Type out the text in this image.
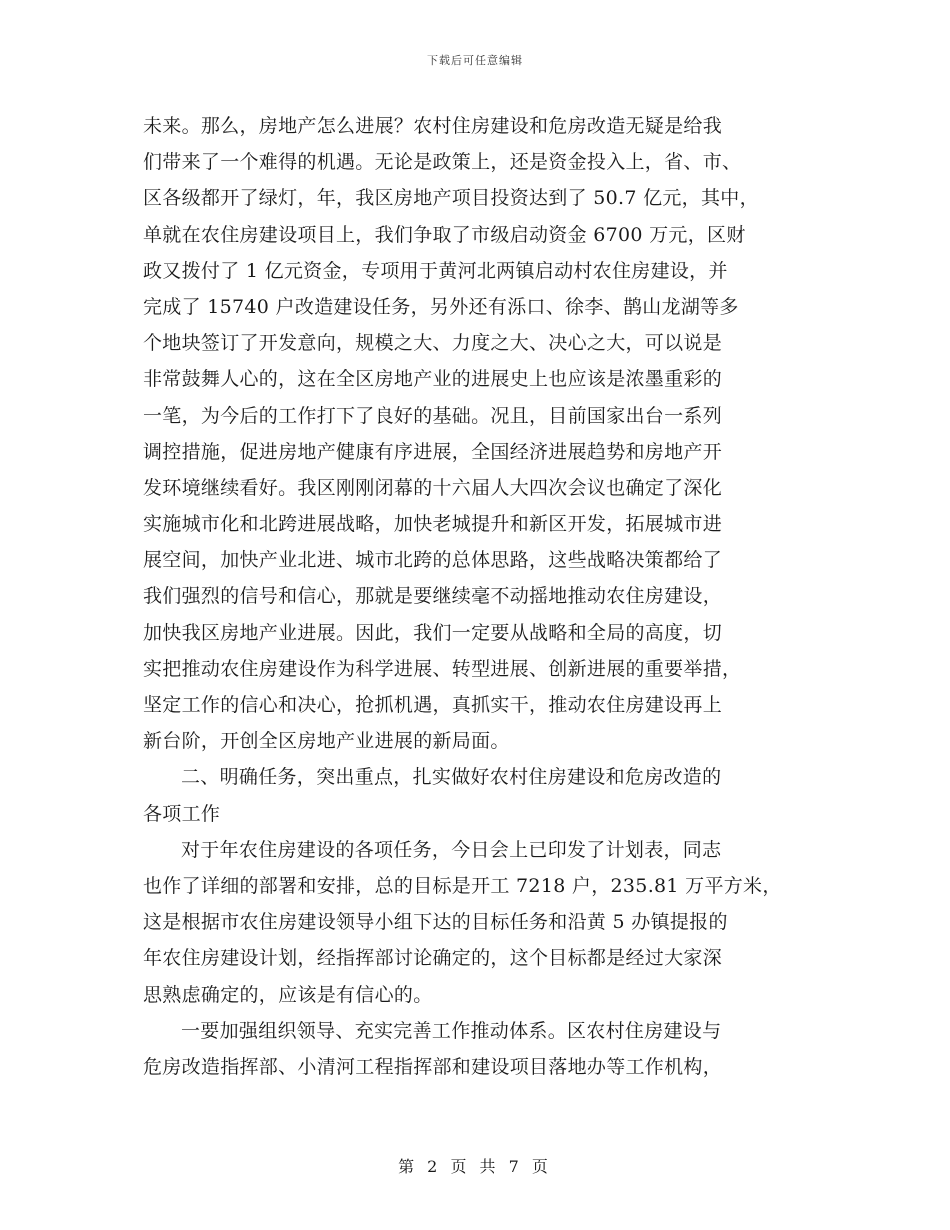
下载后可任意编辑
未来。那么，房地产怎么进展？农村住房建设和危房改造无疑是给我
们带来了一个难得的机遇。无论是政策上，还是资金投入上，省、市、
区各级都开了绿灯，年，我区房地产项目投资达到了 50.7 亿元，其中，
单就在农住房建设项目上，我们争取了市级启动资金 6700 万元，区财
政又拨付了 1 亿元资金，专项用于黄河北两镇启动村农住房建设，并
完成了 15740 户改造建设任务，另外还有泺口、徐李、鹊山龙湖等多
个地块签订了开发意向，规模之大、力度之大、决心之大，可以说是
非常鼓舞人心的，这在全区房地产业的进展史上也应该是浓墨重彩的
一笔，为今后的工作打下了良好的基础。况且，目前国家出台一系列
调控措施，促进房地产健康有序进展，全国经济进展趋势和房地产开
发环境继续看好。我区刚刚闭幕的十六届人大四次会议也确定了深化
实施城市化和北跨进展战略，加快老城提升和新区开发，拓展城市进
展空间，加快产业北进、城市北跨的总体思路，这些战略决策都给了
我们强烈的信号和信心，那就是要继续毫不动摇地推动农住房建设，
加快我区房地产业进展。因此，我们一定要从战略和全局的高度，切
实把推动农住房建设作为科学进展、转型进展、创新进展的重要举措，
坚定工作的信心和决心，抢抓机遇，真抓实干，推动农住房建设再上
新台阶，开创全区房地产业进展的新局面。
二、明确任务，突出重点，扎实做好农村住房建设和危房改造的
各项工作
对于年农住房建设的各项任务，今日会上已印发了计划表，同志
也作了详细的部署和安排，总的目标是开工 7218 户，235.81 万平方米，
这是根据市农住房建设领导小组下达的目标任务和沿黄 5 办镇提报的
年农住房建设计划，经指挥部讨论确定的，这个目标都是经过大家深
思熟虑确定的，应该是有信心的。
一要加强组织领导、充实完善工作推动体系。区农村住房建设与
危房改造指挥部、小清河工程指挥部和建设项目落地办等工作机构，
第 2 页 共 7 页
